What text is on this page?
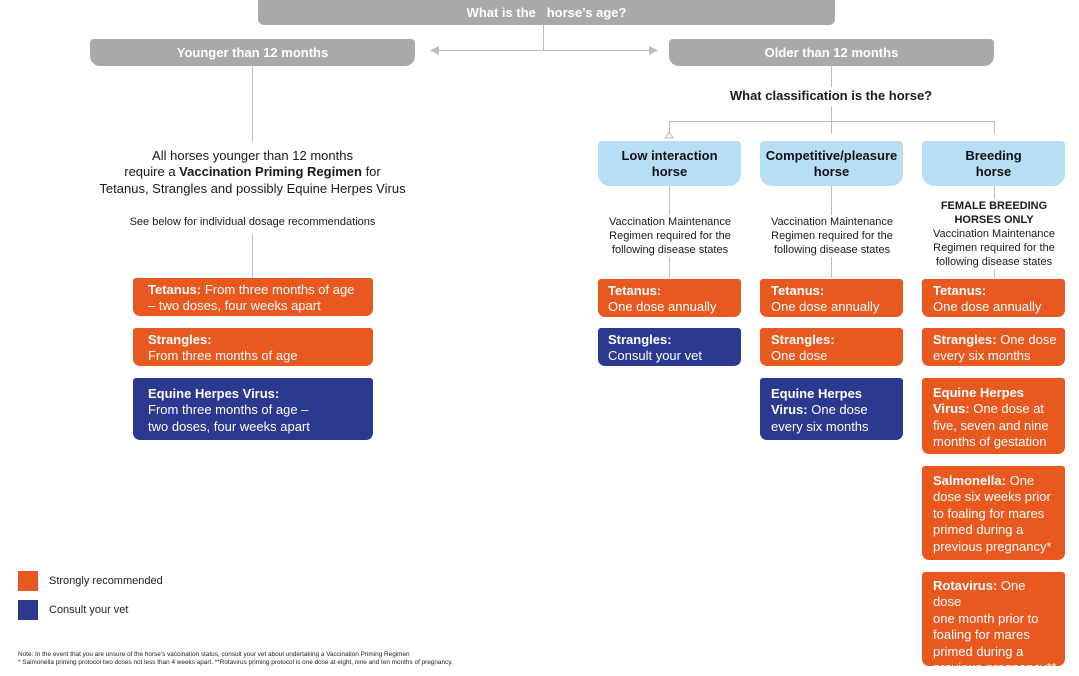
What is the   horse’s age?
Younger than 12 months	Older than 12 months
What classification is the horse?
All horses younger than 12 months
require a Vaccination Priming Regimen for
Tetanus, Strangles and possibly Equine Herpes Virus
See below for individual dosage recommendations
Tetanus: From three months of age
– two doses, four weeks apart
Strangles:
From three months of age
Equine Herpes Virus:
From three months of age –
two doses, four weeks apart
Low interaction
horse
Competitive/pleasure
horse
Breeding
horse
Vaccination Maintenance
Regimen required for the
following disease states
Vaccination Maintenance
Regimen required for the
following disease states
FEMALE BREEDING
HORSES ONLY
Vaccination Maintenance
Regimen required for the
following disease states
Tetanus:
One dose annually
Strangles:
Consult your vet
Tetanus:
One dose annually
Strangles:
One dose
Equine Herpes
Virus: One dose
every six months
Tetanus:
One dose annually
Strangles: One dose
every six months
Equine Herpes
Virus: One dose at
five, seven and nine
months of gestation
Salmonella: One
dose six weeks prior
to foaling for mares
primed during a
previous pregnancy*
Rotavirus: One dose
one month prior to
foaling for mares
primed during a
previous pregnancy**
Strongly recommended
Consult your vet
Note: In the event that you are unsure of the horse’s vaccination status, consult your vet about undertaking a Vaccination Priming Regimen
* Salmonella priming protocol two doses not less than 4 weeks apart. **Rotavirus priming protocol is one dose at eight, nine and ten months of pregnancy.
